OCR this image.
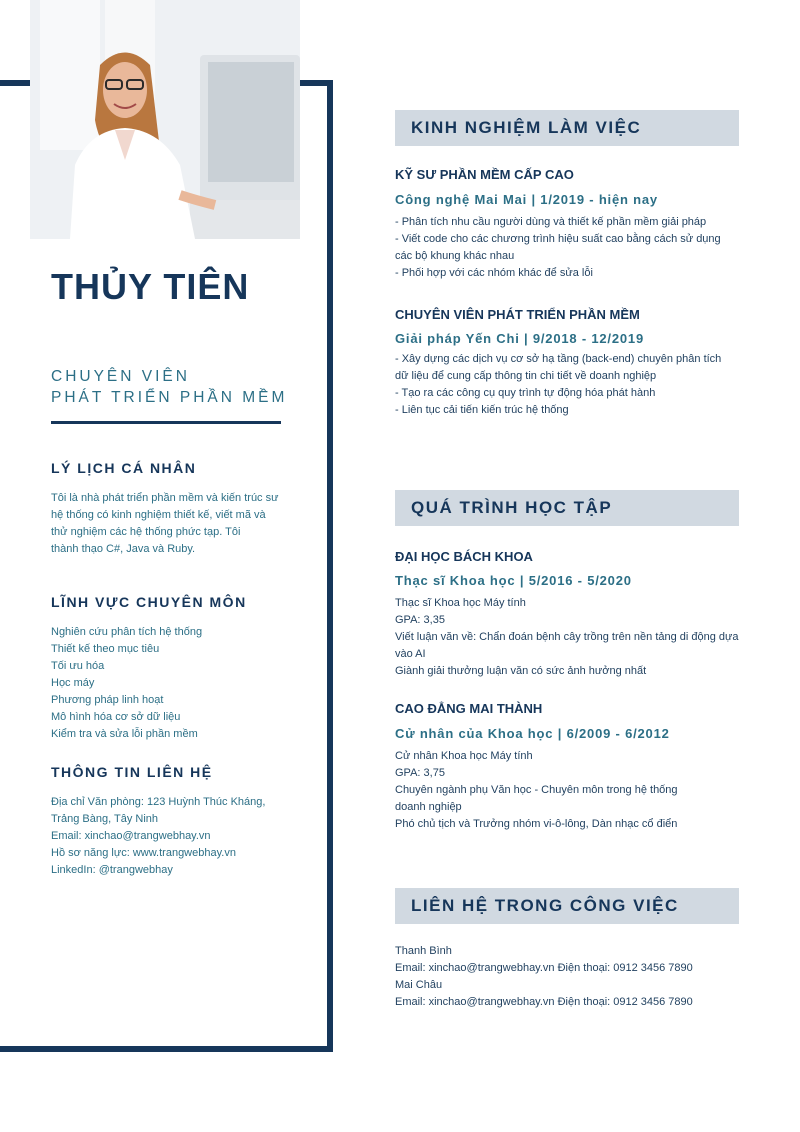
THỦY TIÊN
CHUYÊN VIÊN
PHÁT TRIỂN PHẦN MỀM
LÝ LỊCH CÁ NHÂN
Tôi là nhà phát triển phần mềm và kiến trúc sư
hệ thống có kinh nghiệm thiết kế, viết mã và
thử nghiệm các hệ thống phức tạp. Tôi
thành thạo C#, Java và Ruby.
LĨNH VỰC CHUYÊN MÔN
Nghiên cứu phân tích hệ thống
Thiết kế theo mục tiêu
Tối ưu hóa
Học máy
Phương pháp linh hoạt
Mô hình hóa cơ sở dữ liệu
Kiểm tra và sửa lỗi phần mềm
THÔNG TIN LIÊN HỆ
Địa chỉ Văn phòng: 123 Huỳnh Thúc Kháng,
Trảng Bàng, Tây Ninh
Email: xinchao@trangwebhay.vn
Hồ sơ năng lực: www.trangwebhay.vn
LinkedIn: @trangwebhay
KINH NGHIỆM LÀM VIỆC
KỸ SƯ PHẦN MỀM CẤP CAO
Công nghệ Mai Mai | 1/2019 - hiện nay
- Phân tích nhu cầu người dùng và thiết kế phần mềm giải pháp
- Viết code cho các chương trình hiệu suất cao bằng cách sử dụng
các bộ khung khác nhau
- Phối hợp với các nhóm khác để sửa lỗi
CHUYÊN VIÊN PHÁT TRIỂN PHẦN MỀM
Giải pháp Yến Chi | 9/2018 - 12/2019
- Xây dựng các dịch vụ cơ sở hạ tầng (back-end) chuyên phân tích
dữ liệu để cung cấp thông tin chi tiết về doanh nghiệp
- Tạo ra các công cụ quy trình tự động hóa phát hành
- Liên tục cải tiến kiến trúc hệ thống
QUÁ TRÌNH HỌC TẬP
ĐẠI HỌC BÁCH KHOA
Thạc sĩ Khoa học | 5/2016 - 5/2020
Thạc sĩ Khoa học Máy tính
GPA: 3,35
Viết luận văn về: Chẩn đoán bệnh cây trồng trên nền tảng di động dựa
vào AI
Giành giải thưởng luận văn có sức ảnh hưởng nhất
CAO ĐẲNG MAI THÀNH
Cử nhân của Khoa học | 6/2009 - 6/2012
Cử nhân Khoa học Máy tính
GPA: 3,75
Chuyên ngành phụ Văn học - Chuyên môn trong hệ thống
doanh nghiệp
Phó chủ tịch và Trưởng nhóm vi-ô-lông, Dàn nhạc cổ điển
LIÊN HỆ TRONG CÔNG VIỆC
Thanh Bình
Email: xinchao@trangwebhay.vn Điện thoại: 0912 3456 7890
Mai Châu
Email: xinchao@trangwebhay.vn Điện thoại: 0912 3456 7890
